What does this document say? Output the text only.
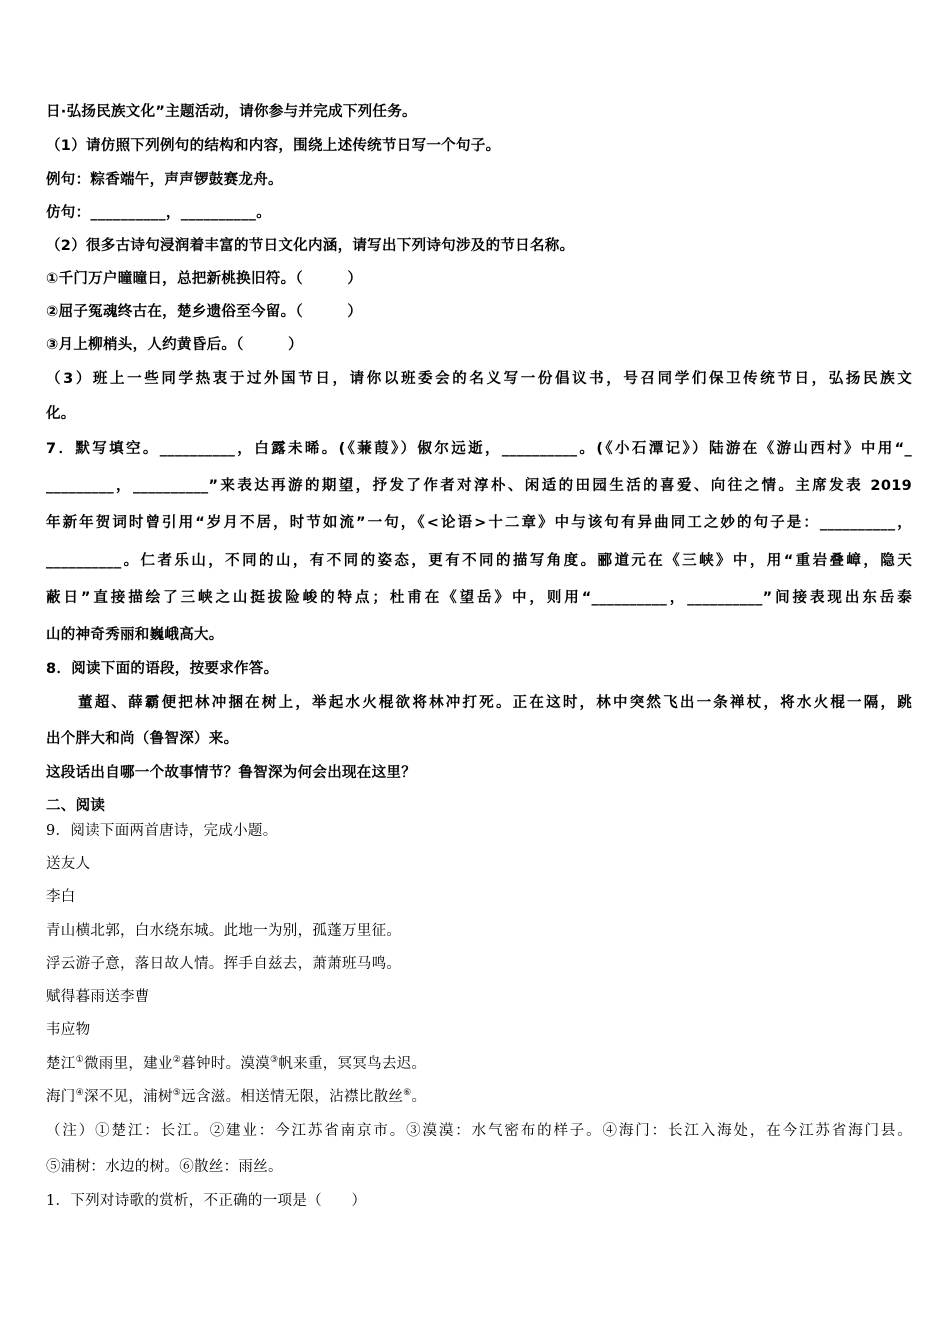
日·弘扬民族文化”主题活动，请你参与并完成下列任务。
（1）请仿照下列例句的结构和内容，围绕上述传统节日写一个句子。
例句：粽香端午，声声锣鼓赛龙舟。
仿句：__________，__________。
（2）很多古诗句浸润着丰富的节日文化内涵，请写出下列诗句涉及的节日名称。
①千门万户曈曈日，总把新桃换旧符。（　　　）
②屈子冤魂终古在，楚乡遗俗至今留。（　　　）
③月上柳梢头，人约黄昏后。（　　　）
（3）班上一些同学热衷于过外国节日，请你以班委会的名义写一份倡议书，号召同学们保卫传统节日，弘扬民族文
化。
7．默写填空。__________，白露未晞。(《蒹葭》）俶尔远逝，__________。(《小石潭记》）陆游在《游山西村》中用“_
_________，__________”来表达再游的期望，抒发了作者对淳朴、闲适的田园生活的喜爱、向往之情。主席发表 2019
年新年贺词时曾引用“岁月不居，时节如流”一句，《<论语>十二章》中与该句有异曲同工之妙的句子是：__________，
__________。仁者乐山，不同的山，有不同的姿态，更有不同的描写角度。郦道元在《三峡》中，用“重岩叠嶂，隐天
蔽日”直接描绘了三峡之山挺拔险峻的特点；杜甫在《望岳》中，则用“__________，__________”间接表现出东岳泰
山的神奇秀丽和巍峨高大。
8．阅读下面的语段，按要求作答。
董超、薛霸便把林冲捆在树上，举起水火棍欲将林冲打死。正在这时，林中突然飞出一条禅杖，将水火棍一隔，跳
出个胖大和尚（鲁智深）来。
这段话出自哪一个故事情节？鲁智深为何会出现在这里？
二、阅读
9．阅读下面两首唐诗，完成小题。
送友人
李白
青山横北郭，白水绕东城。此地一为别，孤蓬万里征。
浮云游子意，落日故人情。挥手自兹去，萧萧班马鸣。
赋得暮雨送李曹
韦应物
楚江①微雨里，建业②暮钟时。漠漠③帆来重，冥冥鸟去迟。
海门④深不见，浦树⑤远含滋。相送情无限，沾襟比散丝⑥。
（注）①楚江：长江。②建业：今江苏省南京市。③漠漠：水气密布的样子。④海门：长江入海处，在今江苏省海门县。
⑤浦树：水边的树。⑥散丝：雨丝。
1．下列对诗歌的赏析，不正确的一项是（　　）
